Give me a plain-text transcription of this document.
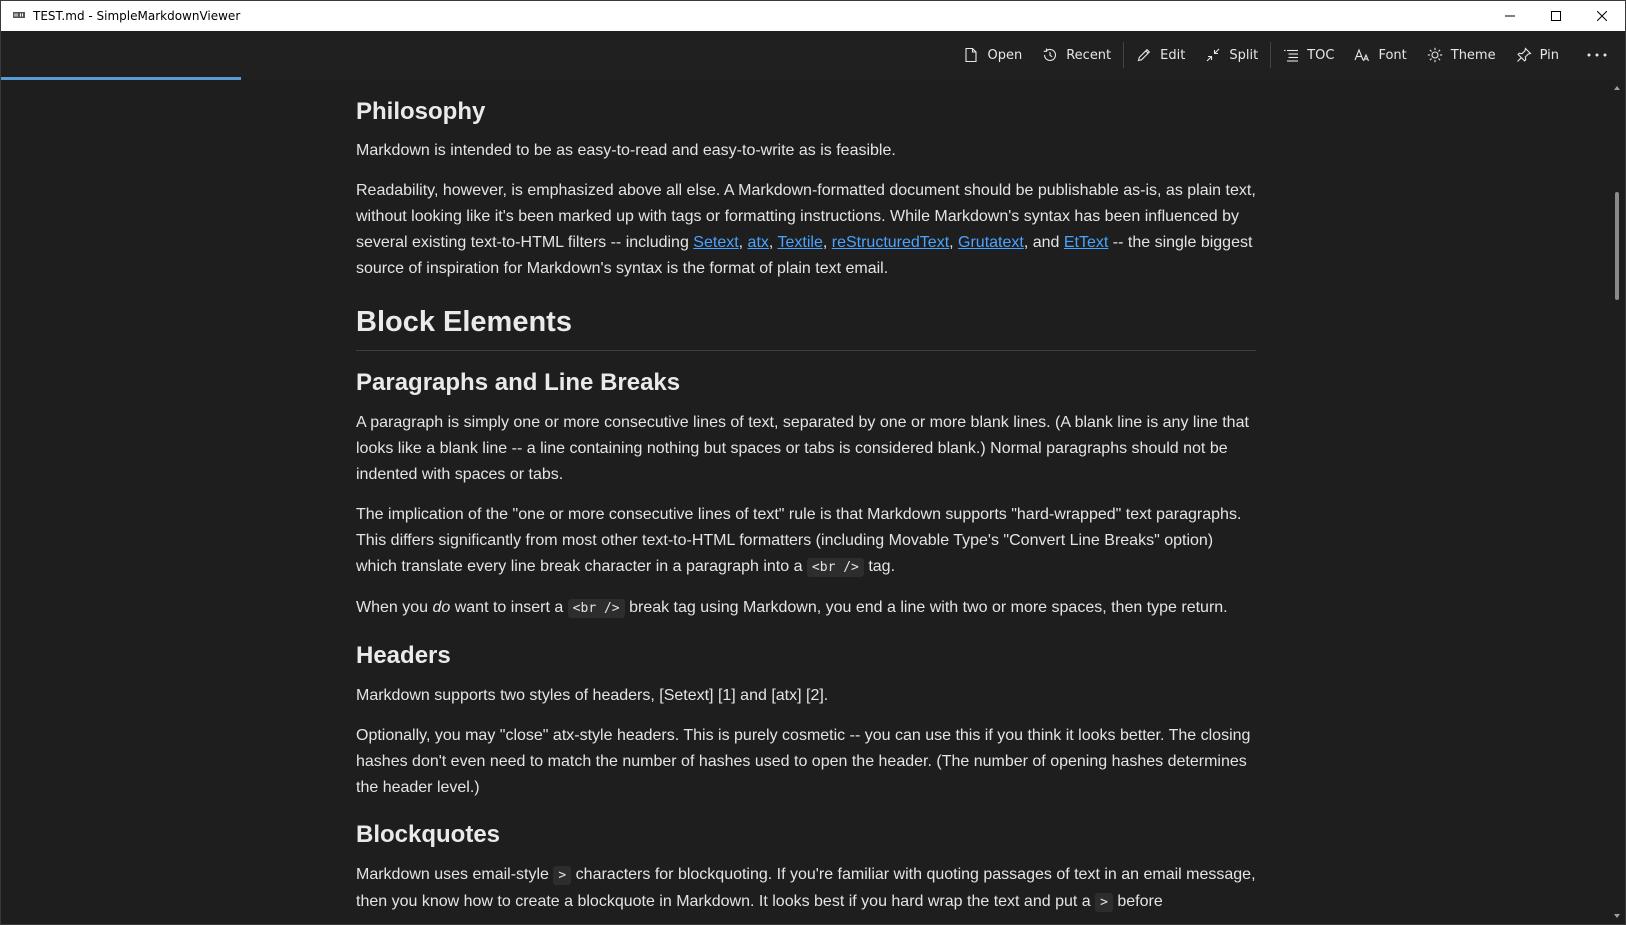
TEST.md - SimpleMarkdownViewer
Open	Recent	Edit	Split	TOC	Font	Theme	Pin
Philosophy

Markdown is intended to be as easy-to-read and easy-to-write as is feasible.

Readability, however, is emphasized above all else. A Markdown-formatted document should be publishable as-is, as plain text, without looking like it's been marked up with tags or formatting instructions. While Markdown's syntax has been influenced by several existing text-to-HTML filters -- including Setext, atx, Textile, reStructuredText, Grutatext, and EtText -- the single biggest source of inspiration for Markdown's syntax is the format of plain text email.

Block Elements
Paragraphs and Line Breaks

A paragraph is simply one or more consecutive lines of text, separated by one or more blank lines. (A blank line is any line that looks like a blank line -- a line containing nothing but spaces or tabs is considered blank.) Normal paragraphs should not be indented with spaces or tabs.

The implication of the "one or more consecutive lines of text" rule is that Markdown supports "hard-wrapped" text paragraphs. This differs significantly from most other text-to-HTML formatters (including Movable Type's "Convert Line Breaks" option) which translate every line break character in a paragraph into a <br /> tag.

When you do want to insert a <br /> break tag using Markdown, you end a line with two or more spaces, then type return.

Headers

Markdown supports two styles of headers, [Setext] [1] and [atx] [2].

Optionally, you may "close" atx-style headers. This is purely cosmetic -- you can use this if you think it looks better. The closing hashes don't even need to match the number of hashes used to open the header. (The number of opening hashes determines the header level.)

Blockquotes

Markdown uses email-style > characters for blockquoting. If you're familiar with quoting passages of text in an email message, then you know how to create a blockquote in Markdown. It looks best if you hard wrap the text and put a > before
